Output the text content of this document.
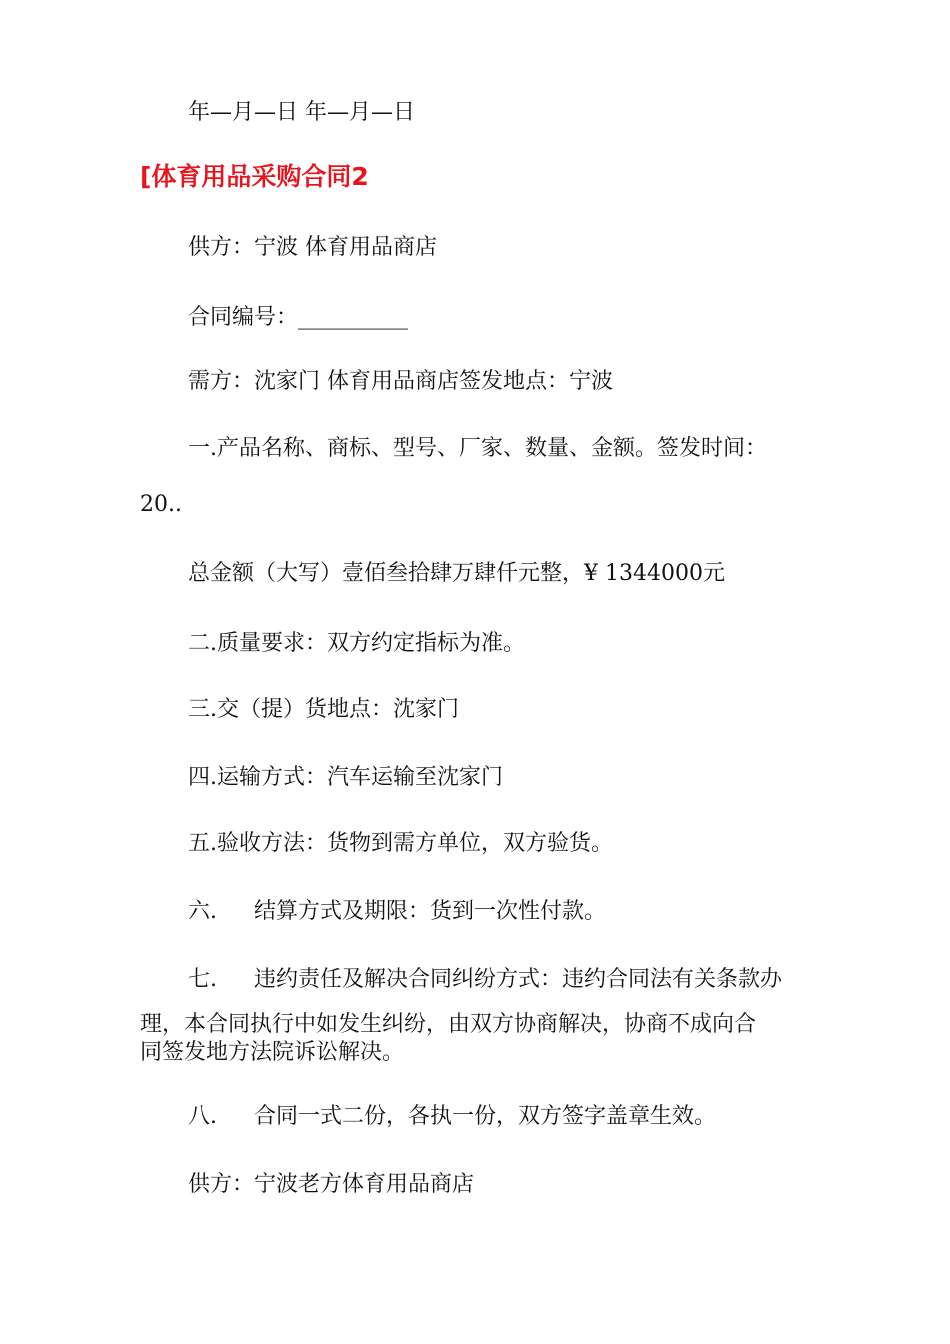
年—月—日 年—月—日

[体育用品采购合同2

供方：宁波 体育用品商店

合同编号：__________

需方：沈家门 体育用品商店签发地点：宁波

一.产品名称、商标、型号、厂家、数量、金额。签发时间：

20..

总金额（大写）壹佰叁拾肆万肆仟元整，¥ 1344000元

二.质量要求：双方约定指标为准。

三.交（提）货地点：沈家门

四.运输方式：汽车运输至沈家门

五.验收方法：货物到需方单位，双方验货。

六. 结算方式及期限：货到一次性付款。

七. 违约责任及解决合同纠纷方式：违约合同法有关条款办

理，本合同执行中如发生纠纷，由双方协商解决，协商不成向合

同签发地方法院诉讼解决。

八. 合同一式二份，各执一份，双方签字盖章生效。

供方：宁波老方体育用品商店
